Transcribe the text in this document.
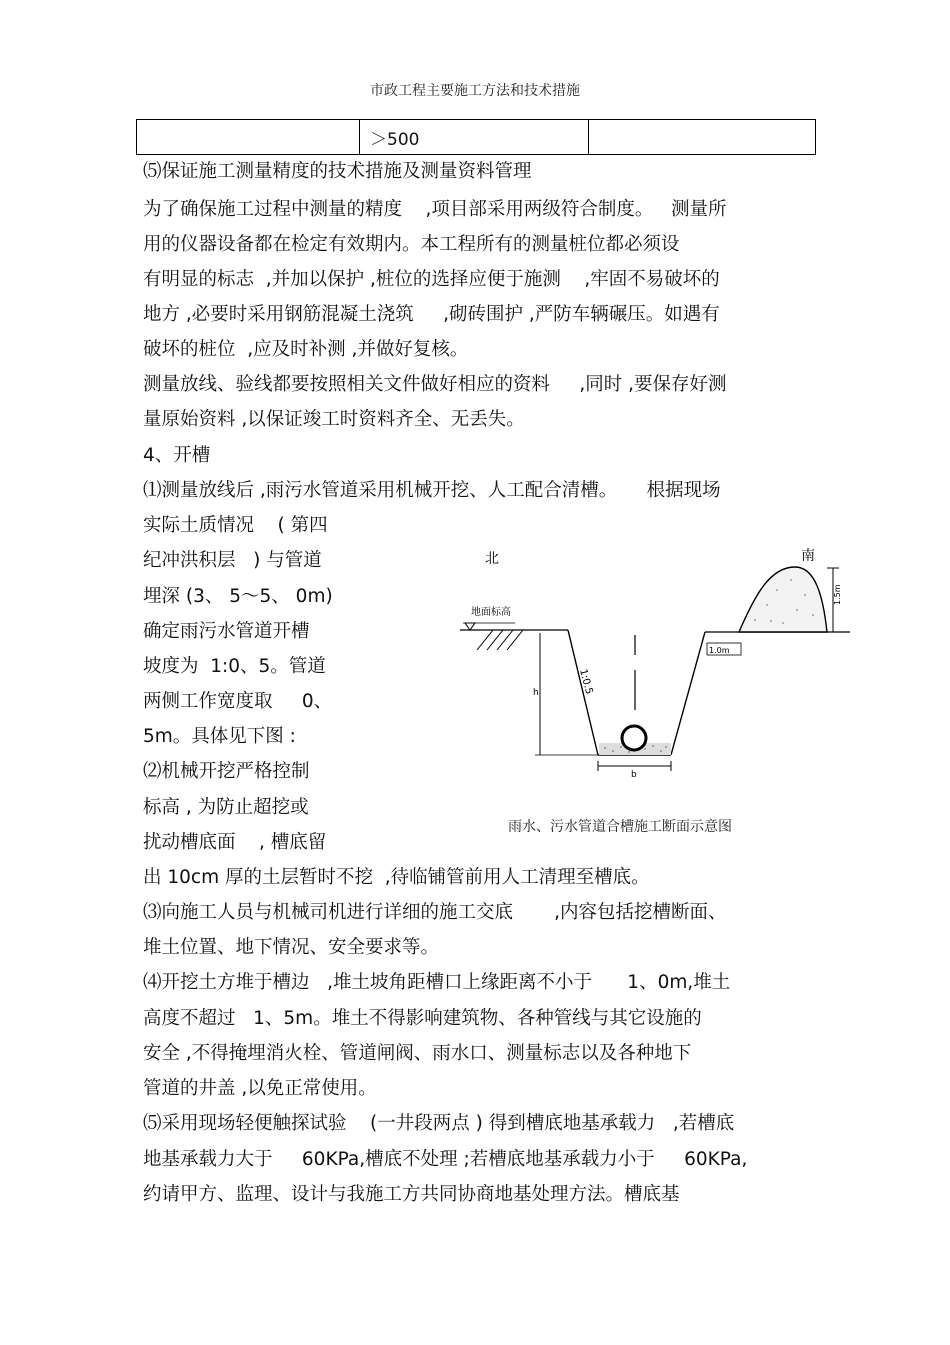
市政工程主要施工方法和技术措施
	＞500	
⑸保证施工测量精度的技术措施及测量资料管理
为了确保施工过程中测量的精度    ,项目部采用两级符合制度。   测量所
用的仪器设备都在检定有效期内。本工程所有的测量桩位都必须设
有明显的标志  ,并加以保护 ,桩位的选择应便于施测    ,牢固不易破坏的
地方 ,必要时采用钢筋混凝土浇筑     ,砌砖围护 ,严防车辆碾压。如遇有
破坏的桩位  ,应及时补测 ,并做好复核。
测量放线、验线都要按照相关文件做好相应的资料     ,同时 ,要保存好测
量原始资料 ,以保证竣工时资料齐全、无丢失。
4、开槽
⑴测量放线后 ,雨污水管道采用机械开挖、人工配合清槽。     根据现场
实际土质情况    ( 第四
纪冲洪积层   ) 与管道
埋深 (3、 5～5、 0m)
确定雨污水管道开槽
坡度为  1:0、5。管道
两侧工作宽度取     0、
5m。具体见下图 :
⑵机械开挖严格控制
标高 , 为防止超挖或
扰动槽底面    , 槽底留
出 10cm 厚的土层暂时不挖  ,待临铺管前用人工清理至槽底。
⑶向施工人员与机械司机进行详细的施工交底       ,内容包括挖槽断面、
堆土位置、地下情况、安全要求等。
⑷开挖土方堆于槽边   ,堆土坡角距槽口上缘距离不小于      1、0m,堆土
高度不超过   1、5m。堆土不得影响建筑物、各种管线与其它设施的
安全 ,不得掩埋消火栓、管道闸阀、雨水口、测量标志以及各种地下
管道的井盖 ,以免正常使用。
⑸采用现场轻便触探试验    (一井段两点 ) 得到槽底地基承载力   ,若槽底
地基承载力大于     60KPa,槽底不处理 ;若槽底地基承载力小于     60KPa,
约请甲方、监理、设计与我施工方共同协商地基处理方法。槽底基
北	南
地面标高
1:0.5
1.0m
1.5m
h
b
雨水、污水管道合槽施工断面示意图
